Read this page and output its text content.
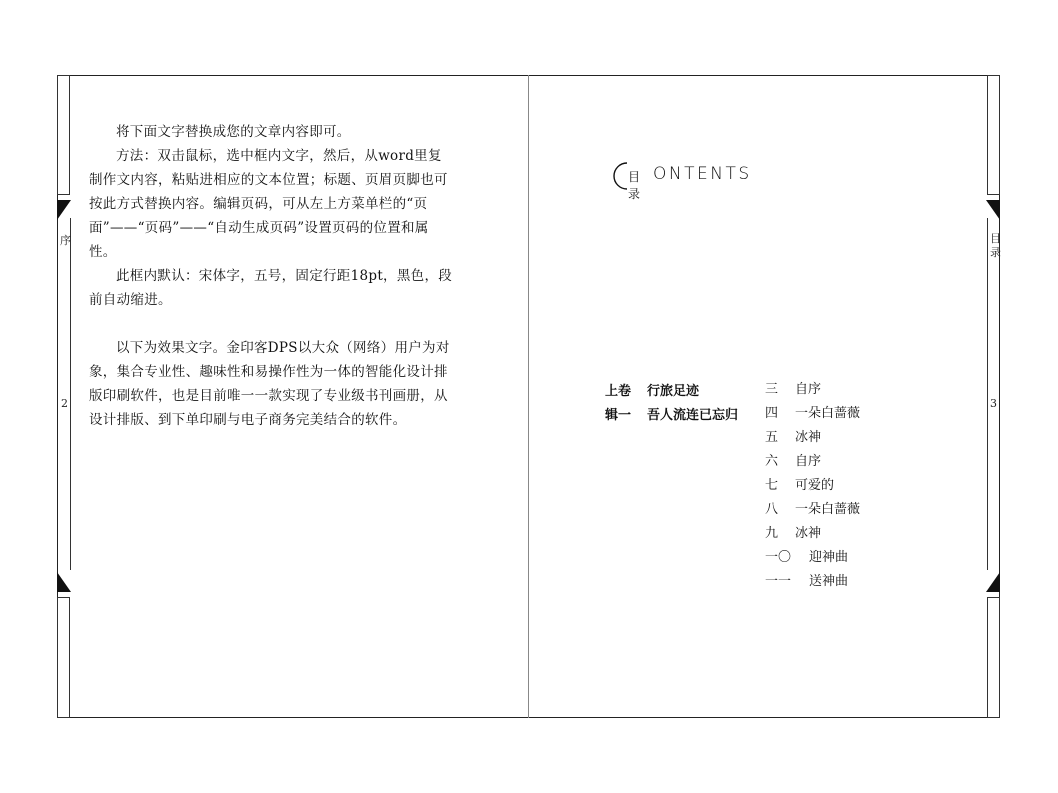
序
2

将下面文字替换成您的文章内容即可。

方法：双击鼠标，选中框内文字，然后，从word里复制作文内容，粘贴进相应的文本位置；标题、页眉页脚也可按此方式替换内容。编辑页码，可从左上方菜单栏的“页面”——“页码”——“自动生成页码”设置页码的位置和属性。

此框内默认：宋体字，五号，固定行距18pt，黑色，段前自动缩进。

以下为效果文字。金印客DPS以大众（网络）用户为对象，集合专业性、趣味性和易操作性为一体的智能化设计排版印刷软件，也是目前唯一一款实现了专业级书刊画册，从设计排版、到下单印刷与电子商务完美结合的软件。

目
录
3
目录
ONTENTS
上卷 行旅足迹
辑一 吾人流连已忘归
三 自序
四 一朵白蔷薇
五 冰神
六 自序
七 可爱的
八 一朵白蔷薇
九 冰神
一〇 迎神曲
一一 送神曲
